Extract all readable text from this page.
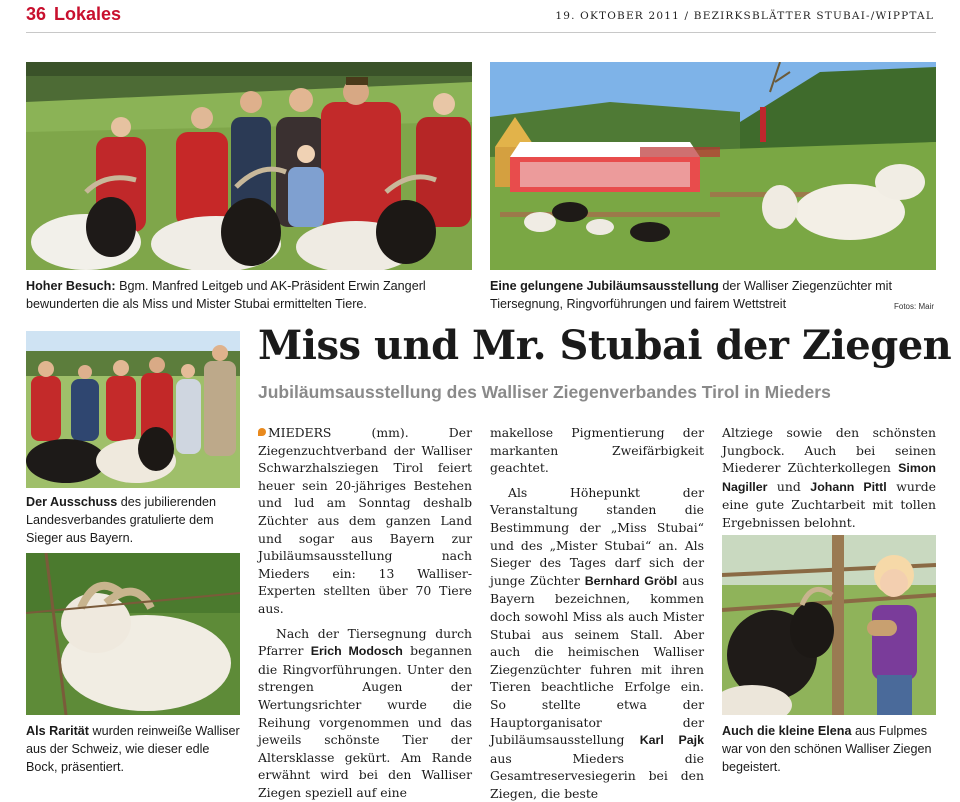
36 Lokales	19. OKTOBER 2011 / BEZIRKSBLÄTTER STUBAI-/WIPPTAL
Hoher Besuch: Bgm. Manfred Leitgeb und AK-Präsident Erwin Zangerl bewunderten die als Miss und Mister Stubai ermittelten Tiere.
Eine gelungene Jubiläumsausstellung der Walliser Ziegenzüchter mit Tiersegnung, Ringvorführungen und fairem Wettstreit	Fotos: Mair
Der Ausschuss des jubilierenden Landesverbandes gratulierte dem Sieger aus Bayern.
Als Rarität wurden reinweiße Walliser aus der Schweiz, wie dieser edle Bock, präsentiert.
Miss und Mr. Stubai der Ziegen
Jubiläumsausstellung des Walliser Ziegenverbandes Tirol in Mieders

MIEDERS (mm). Der Ziegenzuchtverband der Walliser Schwarzhalsziegen Tirol feiert heuer sein 20-jähriges Bestehen und lud am Sonntag deshalb Züchter aus dem ganzen Land und sogar aus Bayern zur Jubiläumsausstellung nach Mieders ein: 13 Walliser-Experten stellten über 70 Tiere aus.

Nach der Tiersegnung durch Pfarrer Erich Modosch begannen die Ringvorführungen. Unter den strengen Augen der Wertungsrichter wurde die Reihung vorgenommen und das jeweils schönste Tier der Altersklasse gekürt. Am Rande erwähnt wird bei den Walliser Ziegen speziell auf eine

makellose Pigmentierung der markanten Zweifärbigkeit geachtet.

Als Höhepunkt der Veranstaltung standen die Bestimmung der „Miss Stubai“ und des „Mister Stubai“ an. Als Sieger des Tages darf sich der junge Züchter Bernhard Gröbl aus Bayern bezeichnen, kommen doch sowohl Miss als auch Mister Stubai aus seinem Stall. Aber auch die heimischen Walliser Ziegenzüchter fuhren mit ihren Tieren beachtliche Erfolge ein. So stellte etwa der Hauptorganisator der Jubiläumsausstellung Karl Pajk aus Mieders die Gesamtreservesiegerin bei den Ziegen, die beste

Altziege sowie den schönsten Jungbock. Auch bei seinen Miederer Züchterkollegen Simon Nagiller und Johann Pittl wurde eine gute Zuchtarbeit mit tollen Ergebnissen belohnt.

Auch die kleine Elena aus Fulpmes war von den schönen Walliser Ziegen begeistert.
